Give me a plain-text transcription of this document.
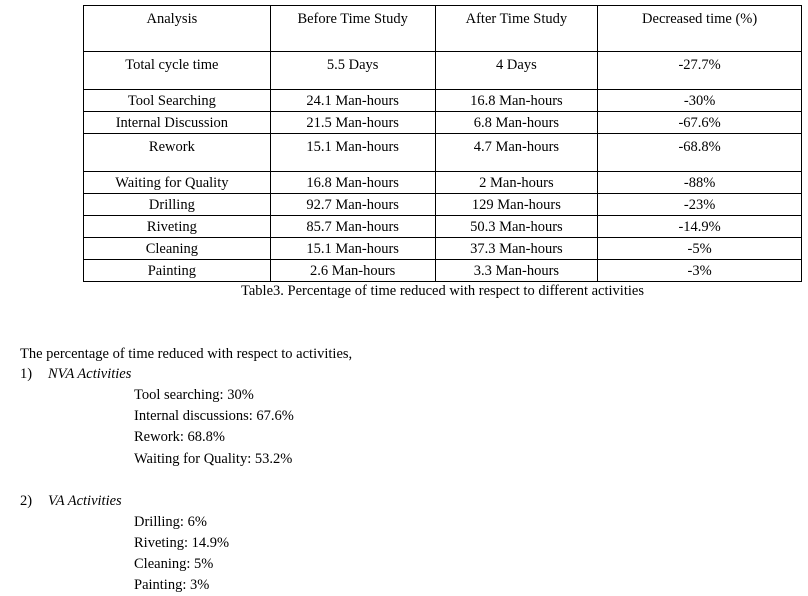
Analysis	Before Time Study	After Time Study	Decreased time (%)
Total cycle time	5.5 Days	4 Days	-27.7%
Tool Searching	24.1 Man-hours	16.8 Man-hours	-30%
Internal Discussion	21.5 Man-hours	6.8 Man-hours	-67.6%
Rework	15.1 Man-hours	4.7 Man-hours	-68.8%
Waiting for Quality	16.8 Man-hours	2 Man-hours	-88%
Drilling	92.7 Man-hours	129 Man-hours	-23%
Riveting	85.7 Man-hours	50.3 Man-hours	-14.9%
Cleaning	15.1 Man-hours	37.3 Man-hours	-5%
Painting	2.6 Man-hours	3.3 Man-hours	-3%
Table3. Percentage of time reduced with respect to different activities
The percentage of time reduced with respect to activities,
1) NVA Activities
Tool searching: 30%
Internal discussions: 67.6%
Rework: 68.8%
Waiting for Quality: 53.2%
2) VA Activities
Drilling: 6%
Riveting: 14.9%
Cleaning: 5%
Painting: 3%
